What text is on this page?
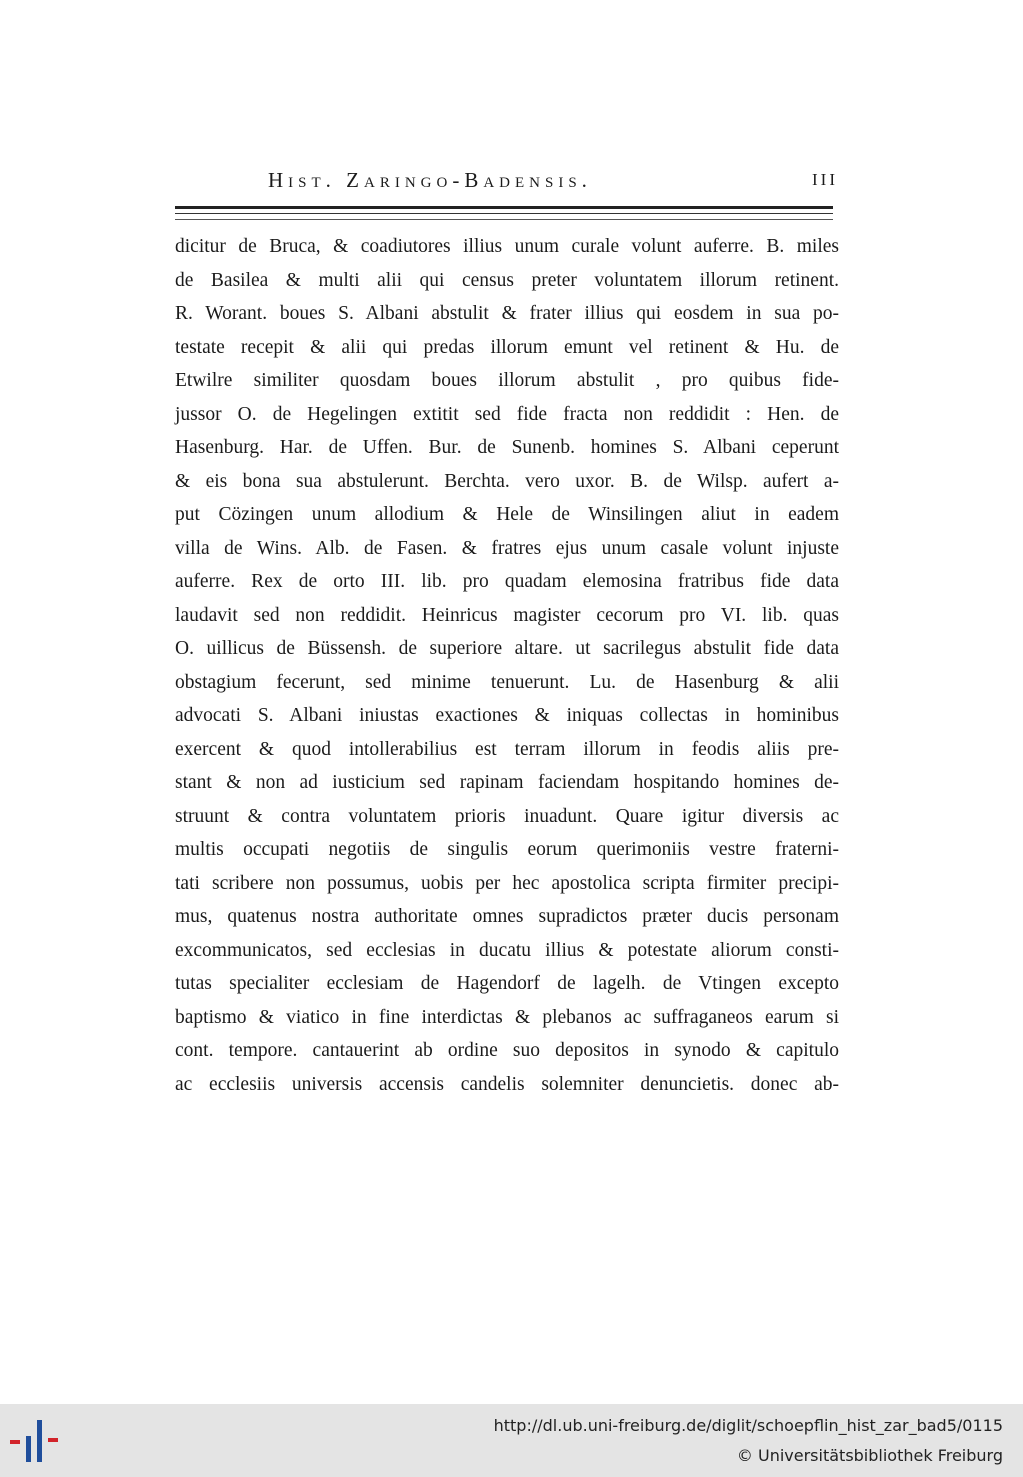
Hist. Zaringo-Badensis.	III
dicitur de Bruca, & coadiutores illius unum curale volunt auferre. B. miles
de Basilea & multi alii qui census preter voluntatem illorum retinent.
R. Worant. boues S. Albani abstulit & frater illius qui eosdem in sua po-
testate recepit & alii qui predas illorum emunt vel retinent & Hu. de
Etwilre similiter quosdam boues illorum abstulit , pro quibus fide-
jussor O. de Hegelingen extitit sed fide fracta non reddidit : Hen. de
Hasenburg. Har. de Uffen. Bur. de Sunenb. homines S. Albani ceperunt
& eis bona sua abstulerunt. Berchta. vero uxor. B. de Wilsp. aufert a-
put Cözingen unum allodium & Hele de Winsilingen aliut in eadem
villa de Wins. Alb. de Fasen. & fratres ejus unum casale volunt injuste
auferre. Rex de orto III. lib. pro quadam elemosina fratribus fide data
laudavit sed non reddidit. Heinricus magister cecorum pro VI. lib. quas
O. uillicus de Büssensh. de superiore altare. ut sacrilegus abstulit fide data
obstagium fecerunt, sed minime tenuerunt. Lu. de Hasenburg & alii
advocati S. Albani iniustas exactiones & iniquas collectas in hominibus
exercent & quod intollerabilius est terram illorum in feodis aliis pre-
stant & non ad iusticium sed rapinam faciendam hospitando homines de-
struunt & contra voluntatem prioris inuadunt. Quare igitur diversis ac
multis occupati negotiis de singulis eorum querimoniis vestre fraterni-
tati scribere non possumus, uobis per hec apostolica scripta firmiter precipi-
mus, quatenus nostra authoritate omnes supradictos præter ducis personam
excommunicatos, sed ecclesias in ducatu illius & potestate aliorum consti-
tutas specialiter ecclesiam de Hagendorf de lagelh. de Vtingen excepto
baptismo & viatico in fine interdictas & plebanos ac suffraganeos earum si
cont. tempore. cantauerint ab ordine suo depositos in synodo & capitulo
ac ecclesiis universis accensis candelis solemniter denuncietis. donec ab-
http://dl.ub.uni-freiburg.de/diglit/schoepflin_hist_zar_bad5/0115
© Universitätsbibliothek Freiburg
